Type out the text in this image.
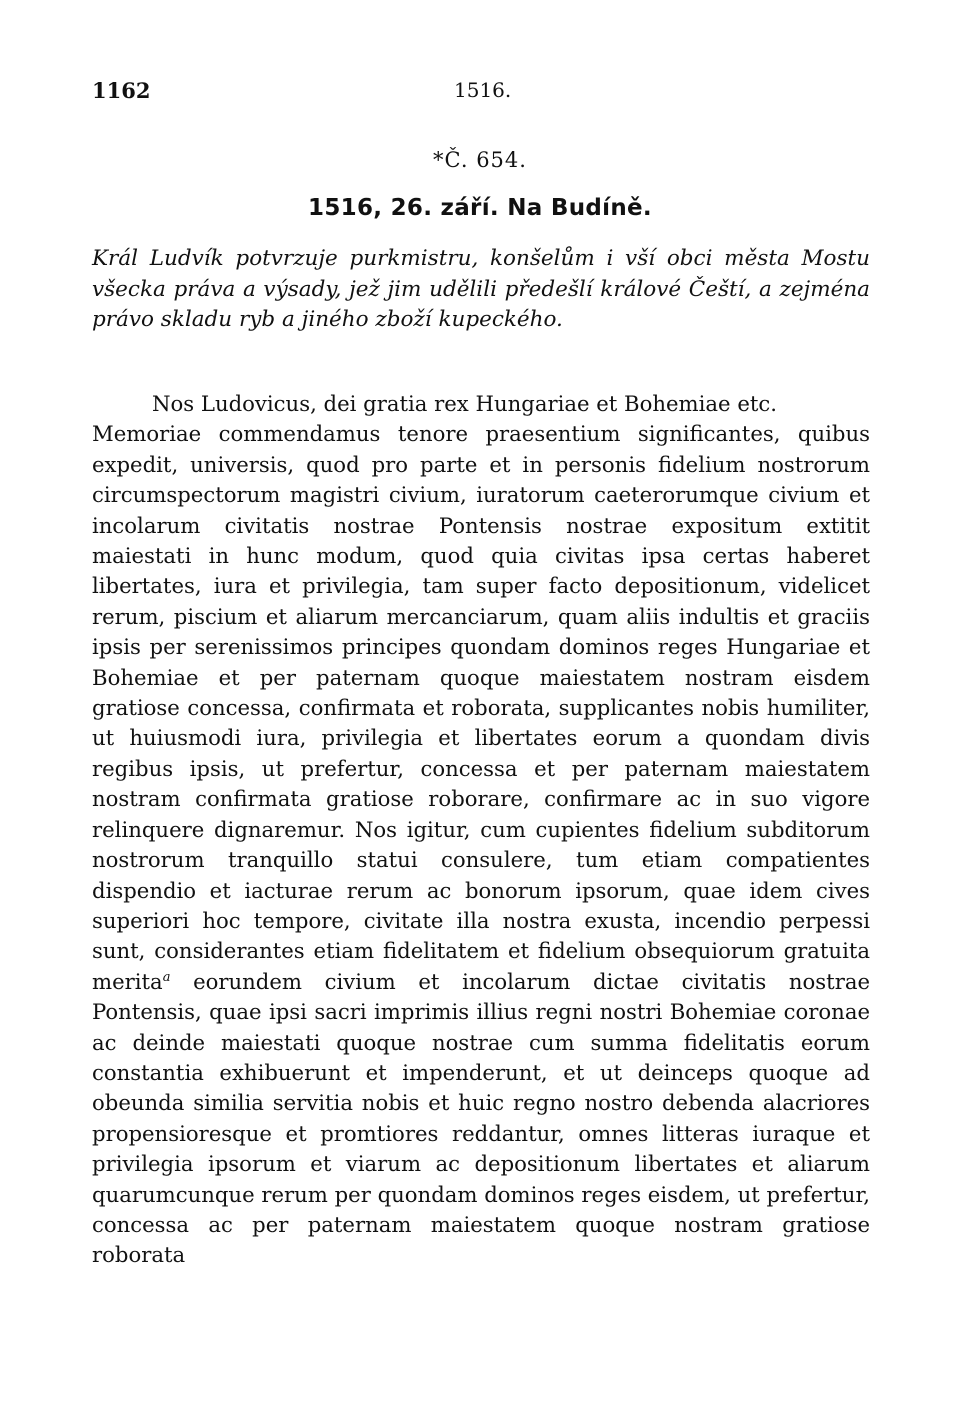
1162	1516.
*Č. 654.
1516, 26. září. Na Budíně.
Král Ludvík potvrzuje purkmistru, konšelům i vší obci města Mostu všecka práva a výsady, jež jim udělili předešlí králové Čeští, a zejména právo skladu ryb a jiného zboží kupeckého.

Nos Ludovicus, dei gratia rex Hungariae et Bohemiae etc.

Memoriae commendamus tenore praesentium significantes, quibus expedit, universis, quod pro parte et in personis fidelium nostrorum circumspectorum magistri civium, iuratorum caeterorumque civium et incolarum civitatis nostrae Pontensis nostrae expositum extitit maiestati in hunc modum, quod quia civitas ipsa certas haberet libertates, iura et privilegia, tam super facto depositionum, videlicet rerum, piscium et aliarum mercanciarum, quam aliis indultis et graciis ipsis per serenissimos principes quondam dominos reges Hungariae et Bohemiae et per paternam quoque maiestatem nostram eisdem gratiose concessa, confirmata et roborata, supplicantes nobis humiliter, ut huiusmodi iura, privilegia et libertates eorum a quondam divis regibus ipsis, ut prefertur, concessa et per paternam maiestatem nostram confirmata gratiose roborare, confirmare ac in suo vigore relinquere dignaremur. Nos igitur, cum cupientes fidelium subditorum nostrorum tranquillo statui consulere, tum etiam compatientes dispendio et iacturae rerum ac bonorum ipsorum, quae idem cives superiori hoc tempore, civitate illa nostra exusta, incendio perpessi sunt, considerantes etiam fidelitatem et fidelium obsequiorum gratuita merita$^a$ eorundem civium et incolarum dictae civitatis nostrae Pontensis, quae ipsi sacri imprimis illius regni nostri Bohemiae coronae ac deinde maiestati quoque nostrae cum summa fidelitatis eorum constantia exhibuerunt et impenderunt, et ut deinceps quoque ad obeunda similia servitia nobis et huic regno nostro debenda alacriores propensioresque et promtiores reddantur, omnes litteras iuraque et privilegia ipsorum et viarum ac depositionum libertates et aliarum quarumcunque rerum per quondam dominos reges eisdem, ut prefertur, concessa ac per paternam maiestatem quoque nostram gratiose roborata
